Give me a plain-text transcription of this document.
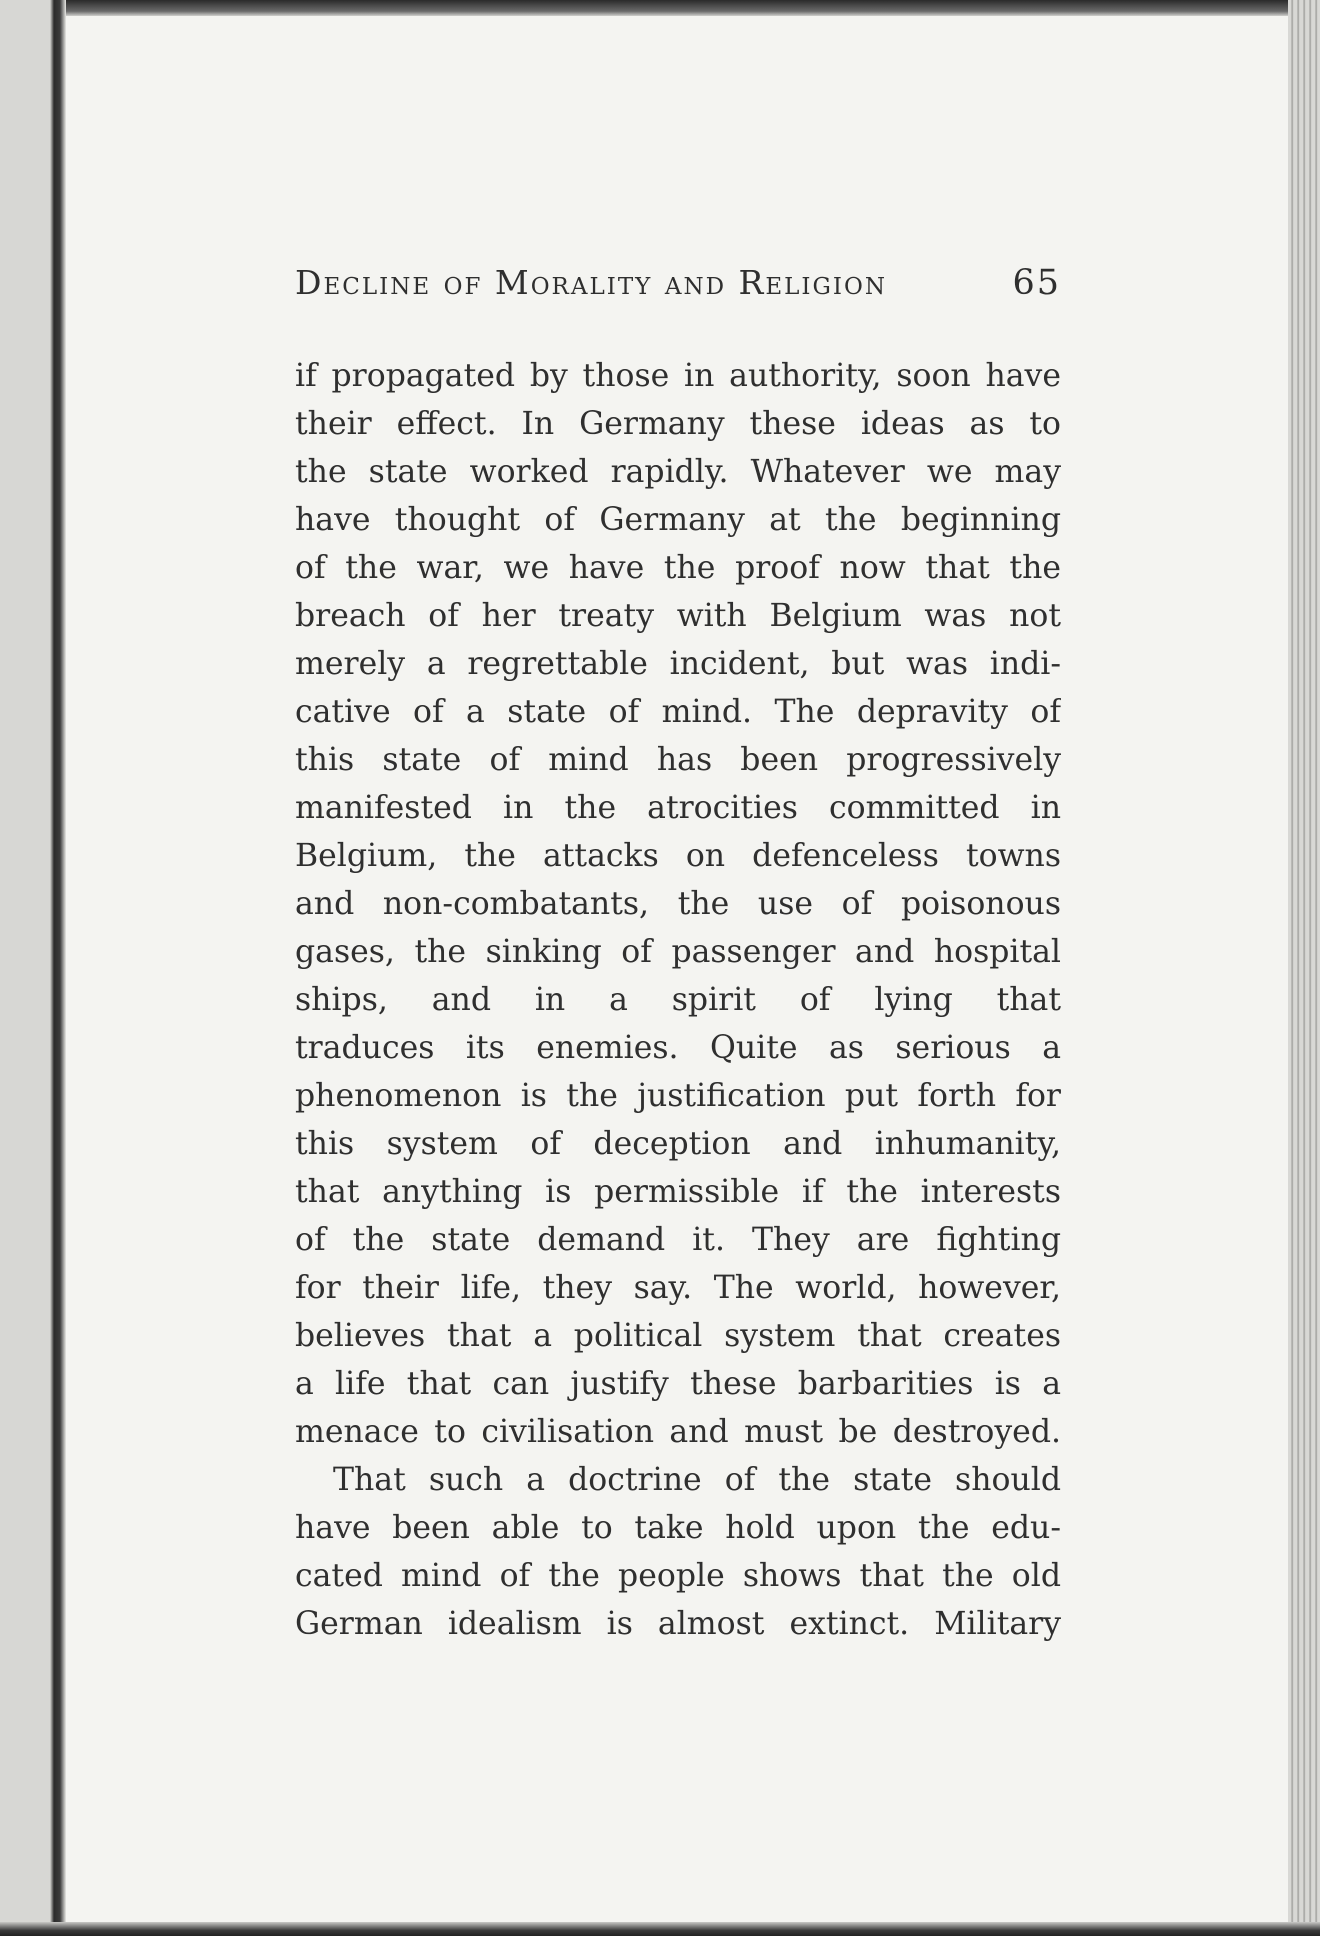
Decline of Morality and Religion	65
if propagated by those in authority, soon have
their effect. In Germany these ideas as to
the state worked rapidly. Whatever we may
have thought of Germany at the beginning
of the war, we have the proof now that the
breach of her treaty with Belgium was not
merely a regrettable incident, but was indi-
cative of a state of mind. The depravity of
this state of mind has been progressively
manifested in the atrocities committed in
Belgium, the attacks on defenceless towns
and non-combatants, the use of poisonous
gases, the sinking of passenger and hospital
ships, and in a spirit of lying that
traduces its enemies. Quite as serious a
phenomenon is the justification put forth for
this system of deception and inhumanity,
that anything is permissible if the interests
of the state demand it. They are fighting
for their life, they say. The world, however,
believes that a political system that creates
a life that can justify these barbarities is a
menace to civilisation and must be destroyed.
That such a doctrine of the state should
have been able to take hold upon the edu-
cated mind of the people shows that the old
German idealism is almost extinct. Military
